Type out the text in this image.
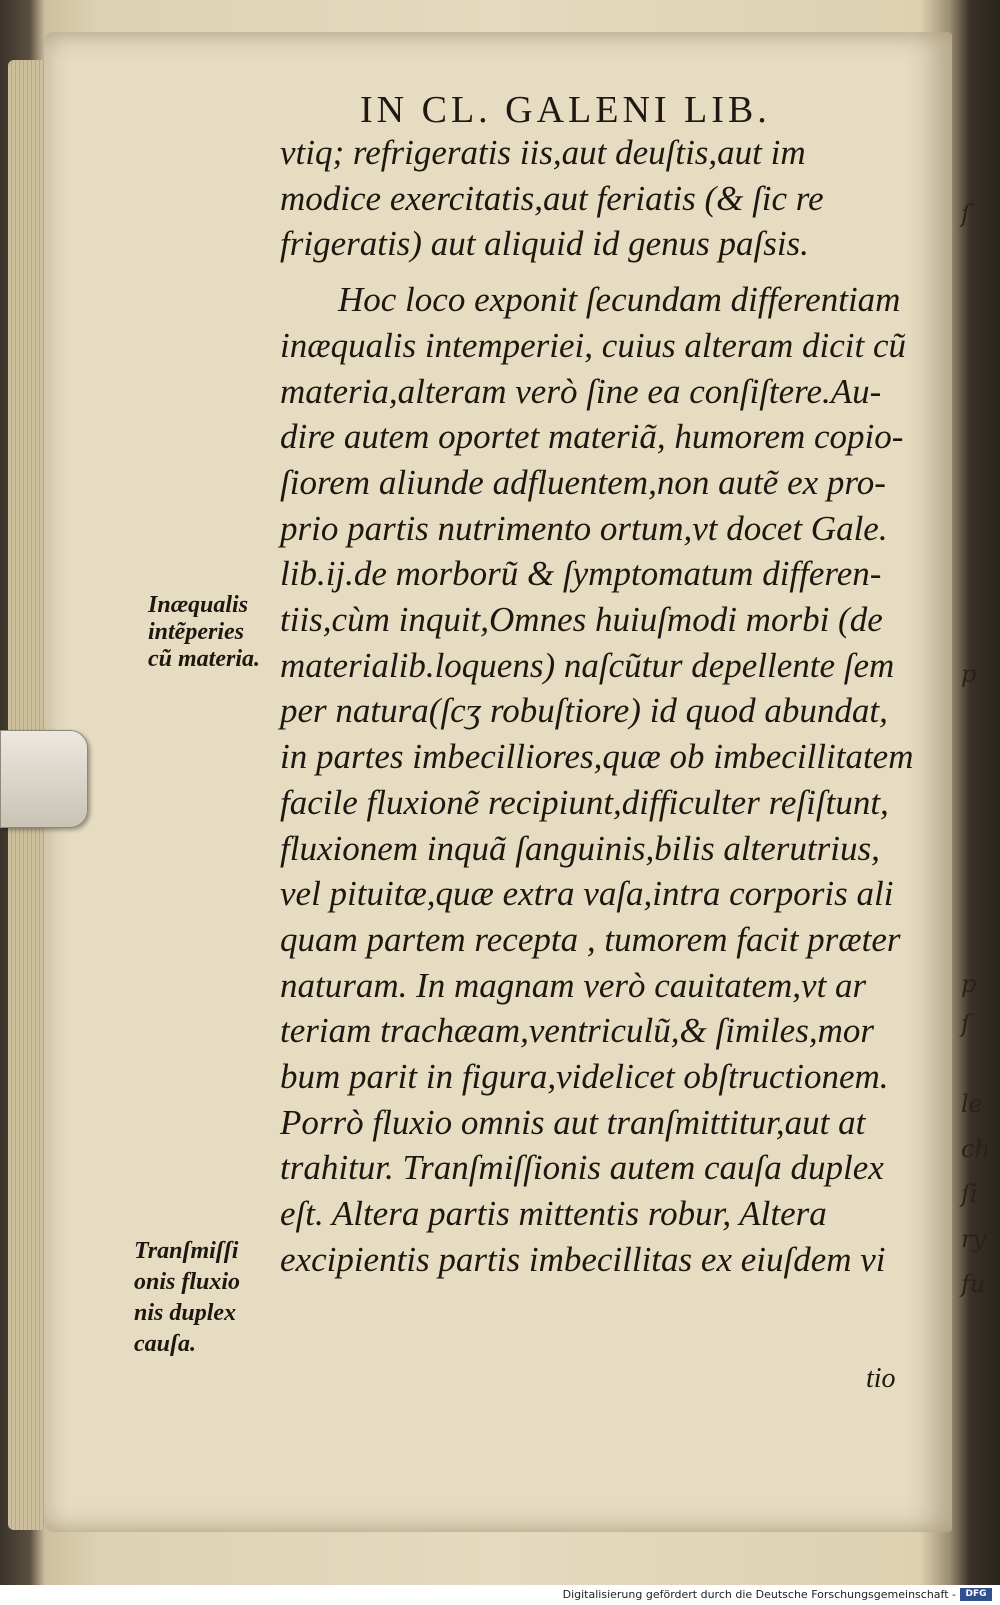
ſ
p
p
ſ
le
ch
ſi
ry
fu
IN CL. GALENI LIB.
vtiq; refrigeratis iis,aut deuſtis,aut im
modice exercitatis,aut feriatis (& ſic re
frigeratis) aut aliquid id genus paſsis.
Hoc loco exponit ſecundam differentiam
inæqualis intemperiei, cuius alteram dicit cũ
materia,alteram verò ſine ea conſiſtere.Au-
dire autem oportet materiã, humorem copio-
ſiorem aliunde adfluentem,non autẽ ex pro-
prio partis nutrimento ortum,vt docet Gale.
lib.ij.de morborũ & ſymptomatum differen-
tiis,cùm inquit,Omnes huiuſmodi morbi (de
materialib.loquens) naſcũtur depellente ſem
per natura(ſcʒ robuſtiore) id quod abundat,
in partes imbecilliores,quæ ob imbecillitatem
facile fluxionẽ recipiunt,difficulter reſiſtunt,
fluxionem inquã ſanguinis,bilis alterutrius,
vel pituitæ,quæ extra vaſa,intra corporis ali
quam partem recepta , tumorem facit præter
naturam. In magnam verò cauitatem,vt ar
teriam trachæam,ventriculũ,& ſimiles,mor
bum parit in figura,videlicet obſtructionem.
Porrò fluxio omnis aut tranſmittitur,aut at
trahitur. Tranſmiſſionis autem cauſa duplex
eſt. Altera partis mittentis robur, Altera
excipientis partis imbecillitas ex eiuſdem vi
tio
Inæqualis
intẽperies
cũ materia.
Tranſmiſſi
onis fluxio
nis duplex
cauſa.
Digitalisierung gefördert durch die Deutsche Forschungsgemeinschaft -	DFG
